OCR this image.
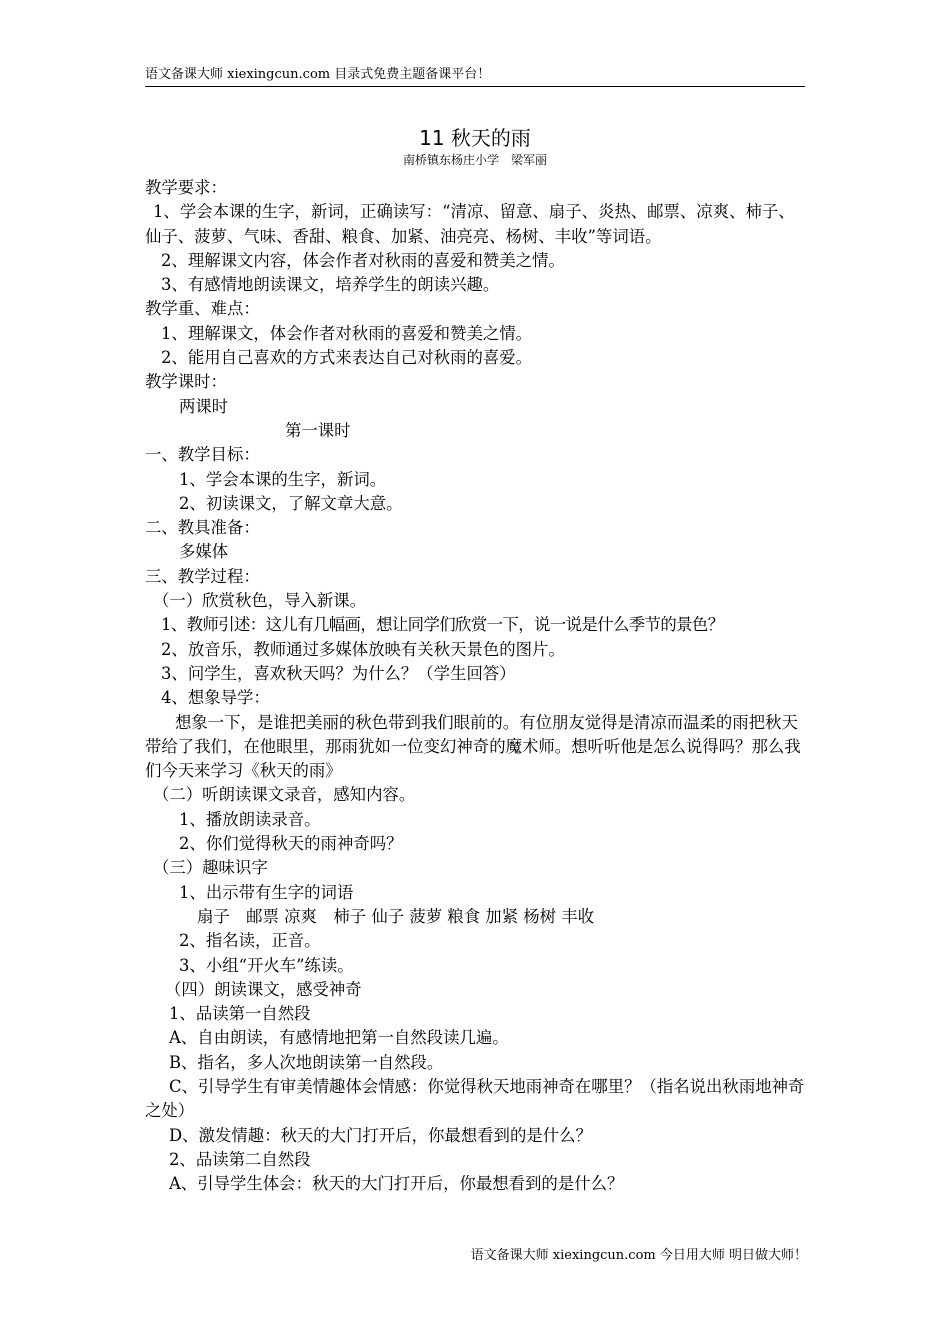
语文备课大师 xiexingcun.com 目录式免费主题备课平台！
11 秋天的雨
南桥镇东杨庄小学　梁军丽
教学要求：
1、学会本课的生字，新词，正确读写：“清凉、留意、扇子、炎热、邮票、凉爽、柿子、仙子、菠萝、气味、香甜、粮食、加紧、油亮亮、杨树、丰收”等词语。
2、理解课文内容，体会作者对秋雨的喜爱和赞美之情。
3、有感情地朗读课文，培养学生的朗读兴趣。
教学重、难点：
1、理解课文，体会作者对秋雨的喜爱和赞美之情。
2、能用自己喜欢的方式来表达自己对秋雨的喜爱。
教学课时：
两课时
第一课时
一、教学目标：
1、学会本课的生字，新词。
2、初读课文，了解文章大意。
二、教具准备：
多媒体
三、教学过程：
（一）欣赏秋色，导入新课。
1、教师引述：这儿有几幅画，想让同学们欣赏一下，说一说是什么季节的景色？
2、放音乐，教师通过多媒体放映有关秋天景色的图片。
3、问学生，喜欢秋天吗？为什么？（学生回答）
4、想象导学：
想象一下，是谁把美丽的秋色带到我们眼前的。有位朋友觉得是清凉而温柔的雨把秋天带给了我们，在他眼里，那雨犹如一位变幻神奇的魔术师。想听听他是怎么说得吗？那么我们今天来学习《秋天的雨》
（二）听朗读课文录音，感知内容。
1、播放朗读录音。
2、你们觉得秋天的雨神奇吗？
（三）趣味识字
1、出示带有生字的词语
扇子　邮票 凉爽　柿子 仙子 菠萝 粮食 加紧 杨树 丰收
2、指名读，正音。
3、小组“开火车”练读。
（四）朗读课文，感受神奇
1、品读第一自然段
A、自由朗读，有感情地把第一自然段读几遍。
B、指名，多人次地朗读第一自然段。
C、引导学生有审美情趣体会情感：你觉得秋天地雨神奇在哪里？（指名说出秋雨地神奇之处）
D、激发情趣：秋天的大门打开后，你最想看到的是什么？
2、品读第二自然段
A、引导学生体会：秋天的大门打开后，你最想看到的是什么？
语文备课大师 xiexingcun.com 今日用大师 明日做大师！
